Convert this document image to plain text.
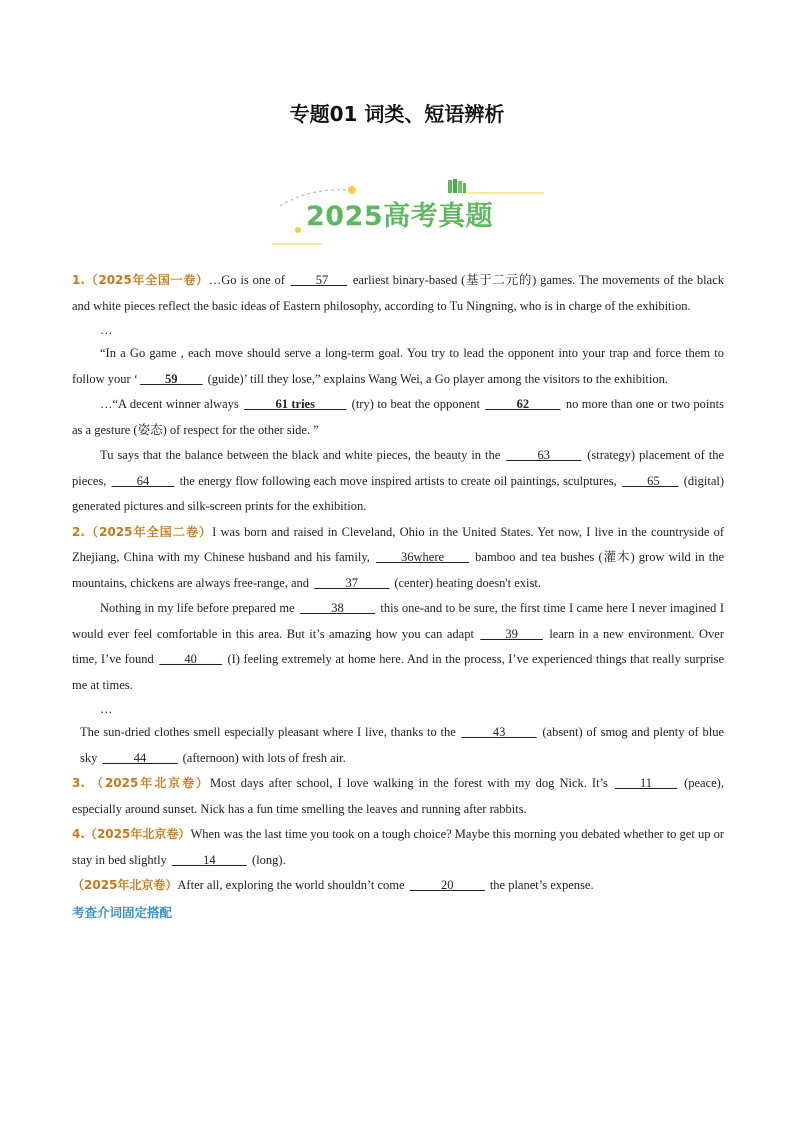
专题01 词类、短语辨析
2025高考真题

1.（2025年全国一卷）…Go is one of ____57___ earliest binary-based (基于二元的) games. The movements of the black and white pieces reflect the basic ideas of Eastern philosophy, according to Tu Ningning, who is in charge of the exhibition.

…

“In a Go game , each move should serve a long-term goal. You try to lead the opponent into your trap and force them to follow your ‘ ____59____ (guide)’ till they lose,” explains Wang Wei, a Go player among the visitors to the exhibition.

…“A decent winner always _____61 tries_____ (try) to beat the opponent _____62_____ no more than one or two points as a gesture (姿态) of respect for the other side. ”

Tu says that the balance between the black and white pieces, the beauty in the _____63_____ (strategy) placement of the pieces, ____64____ the energy flow following each move inspired artists to create oil paintings, sculptures, ____65___ (digital) generated pictures and silk-screen prints for the exhibition.

2.（2025年全国二卷）I was born and raised in Cleveland, Ohio in the United States. Yet now, I live in the countryside of Zhejiang, China with my Chinese husband and his family, ____36where____ bamboo and tea bushes (灌木) grow wild in the mountains, chickens are always free-range, and _____37_____ (center) heating doesn't exist.

Nothing in my life before prepared me _____38_____ this one-and to be sure, the first time I came here I never imagined I would ever feel comfortable in this area. But it’s amazing how you can adapt ____39____ learn in a new environment. Over time, I’ve found ____40____ (I) feeling extremely at home here. And in the process, I’ve experienced things that really surprise me at times.

…

The sun-dried clothes smell especially pleasant where I live, thanks to the _____43_____ (absent) of smog and plenty of blue sky _____44_____ (afternoon) with lots of fresh air.

3. （2025年北京卷）Most days after school, I love walking in the forest with my dog Nick. It’s ____11____ (peace), especially around sunset. Nick has a fun time smelling the leaves and running after rabbits.

4.（2025年北京卷）When was the last time you took on a tough choice? Maybe this morning you debated whether to get up or stay in bed slightly _____14_____ (long).

（2025年北京卷）After all, exploring the world shouldn’t come _____20_____ the planet’s expense.

考查介词固定搭配
